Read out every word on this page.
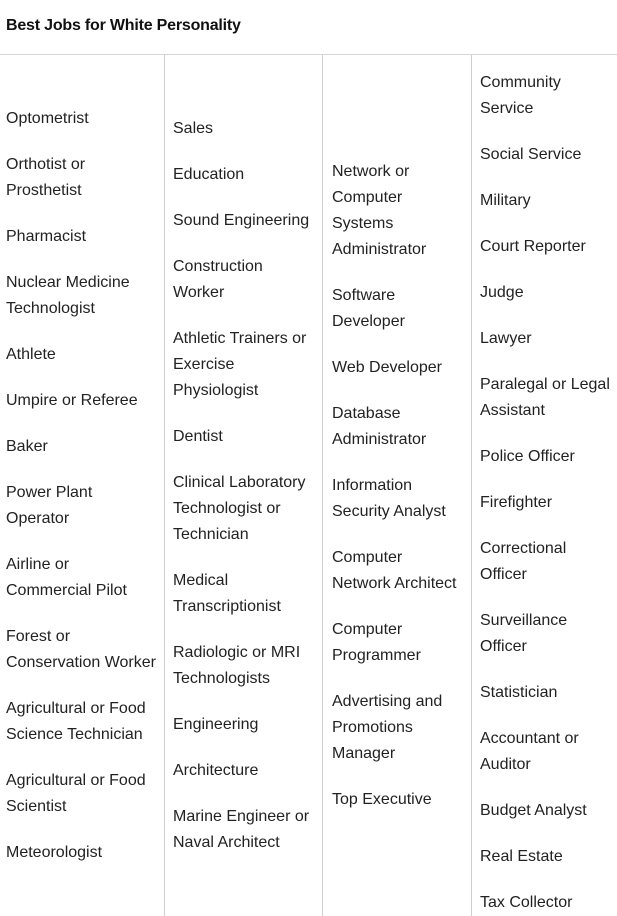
Best Jobs for White Personality
Optometrist
Orthotist or Prosthetist
Pharmacist
Nuclear Medicine Technologist
Athlete
Umpire or Referee
Baker
Power Plant Operator
Airline or Commercial Pilot
Forest or Conservation Worker
Agricultural or Food Science Technician
Agricultural or Food Scientist
Meteorologist
Sales
Education
Sound Engineering
Construction Worker
Athletic Trainers or Exercise Physiologist
Dentist
Clinical Laboratory Technologist or Technician
Medical Transcriptionist
Radiologic or MRI Technologists
Engineering
Architecture
Marine Engineer or Naval Architect
Network or Computer Systems Administrator
Software Developer
Web Developer
Database Administrator
Information Security Analyst
Computer Network Architect
Computer Programmer
Advertising and Promotions Manager
Top Executive
Community Service
Social Service
Military
Court Reporter
Judge
Lawyer
Paralegal or Legal Assistant
Police Officer
Firefighter
Correctional Officer
Surveillance Officer
Statistician
Accountant or Auditor
Budget Analyst
Real Estate
Tax Collector
